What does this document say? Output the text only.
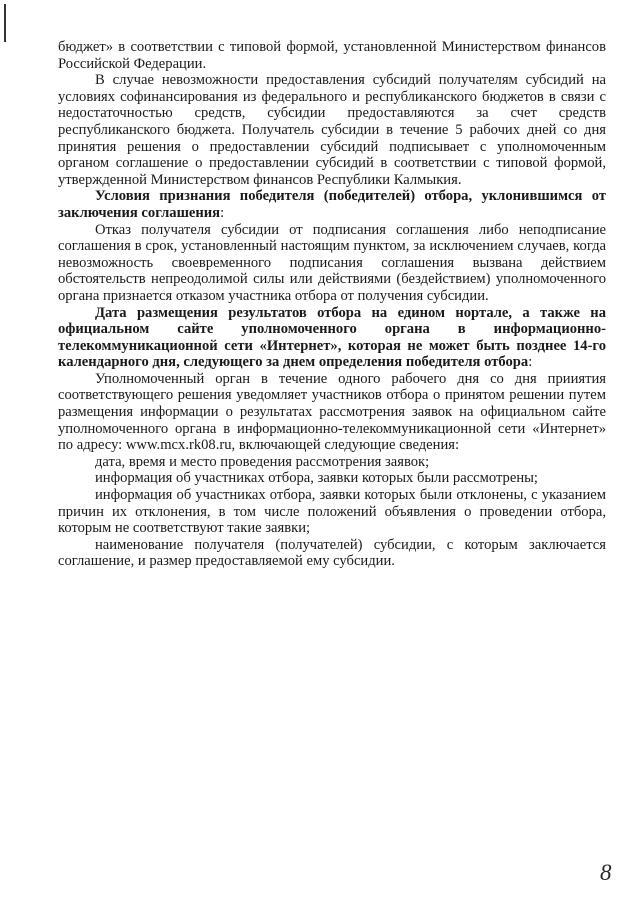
бюджет» в соответствии с типовой формой, установленной Министерством финансов Российской Федерации.

В случае невозможности предоставления субсидий получателям субсидий на условиях софинансирования из федерального и республиканского бюджетов в связи с недостаточностью средств, субсидии предоставляются за счет средств республиканского бюджета. Получатель субсидии в течение 5 рабочих дней со дня принятия решения о предоставлении субсидий подписывает с уполномоченным органом соглашение о предоставлении субсидий в соответствии с типовой формой, утвержденной Министерством финансов Республики Калмыкия.

Условия признания победителя (победителей) отбора, уклонившимся от заключения соглашения:

Отказ получателя субсидии от подписания соглашения либо неподписание соглашения в срок, установленный настоящим пунктом, за исключением случаев, когда невозможность своевременного подписания соглашения вызвана действием обстоятельств непреодолимой силы или действиями (бездействием) уполномоченного органа признается отказом участника отбора от получения субсидии.

Дата размещения результатов отбора на едином нортале, а также на официальном сайте уполномоченного органа в информационно-телекоммуникационной сети «Интернет», которая не может быть позднее 14-го календарного дня, следующего за днем определения победителя отбора:

Уполномоченный орган в течение одного рабочего дня со дня прииятия соответствующего решения уведомляет участников отбора о принятом решении путем размещения информации о результатах рассмотрения заявок на официальном сайте уполномоченного органа в информационно-телекоммуникационной сети «Интернет» по адресу: www.mcx.rk08.ru, включающей следующие сведения:

дата, время и место проведения рассмотрения заявок;

информация об участниках отбора, заявки которых были рассмотрены;

информация об участниках отбора, заявки которых были отклонены, с указанием причин их отклонения, в том числе положений объявления о проведении отбора, которым не соответствуют такие заявки;

наименование получателя (получателей) субсидии, с которым заключается соглашение, и размер предоставляемой ему субсидии.

8
